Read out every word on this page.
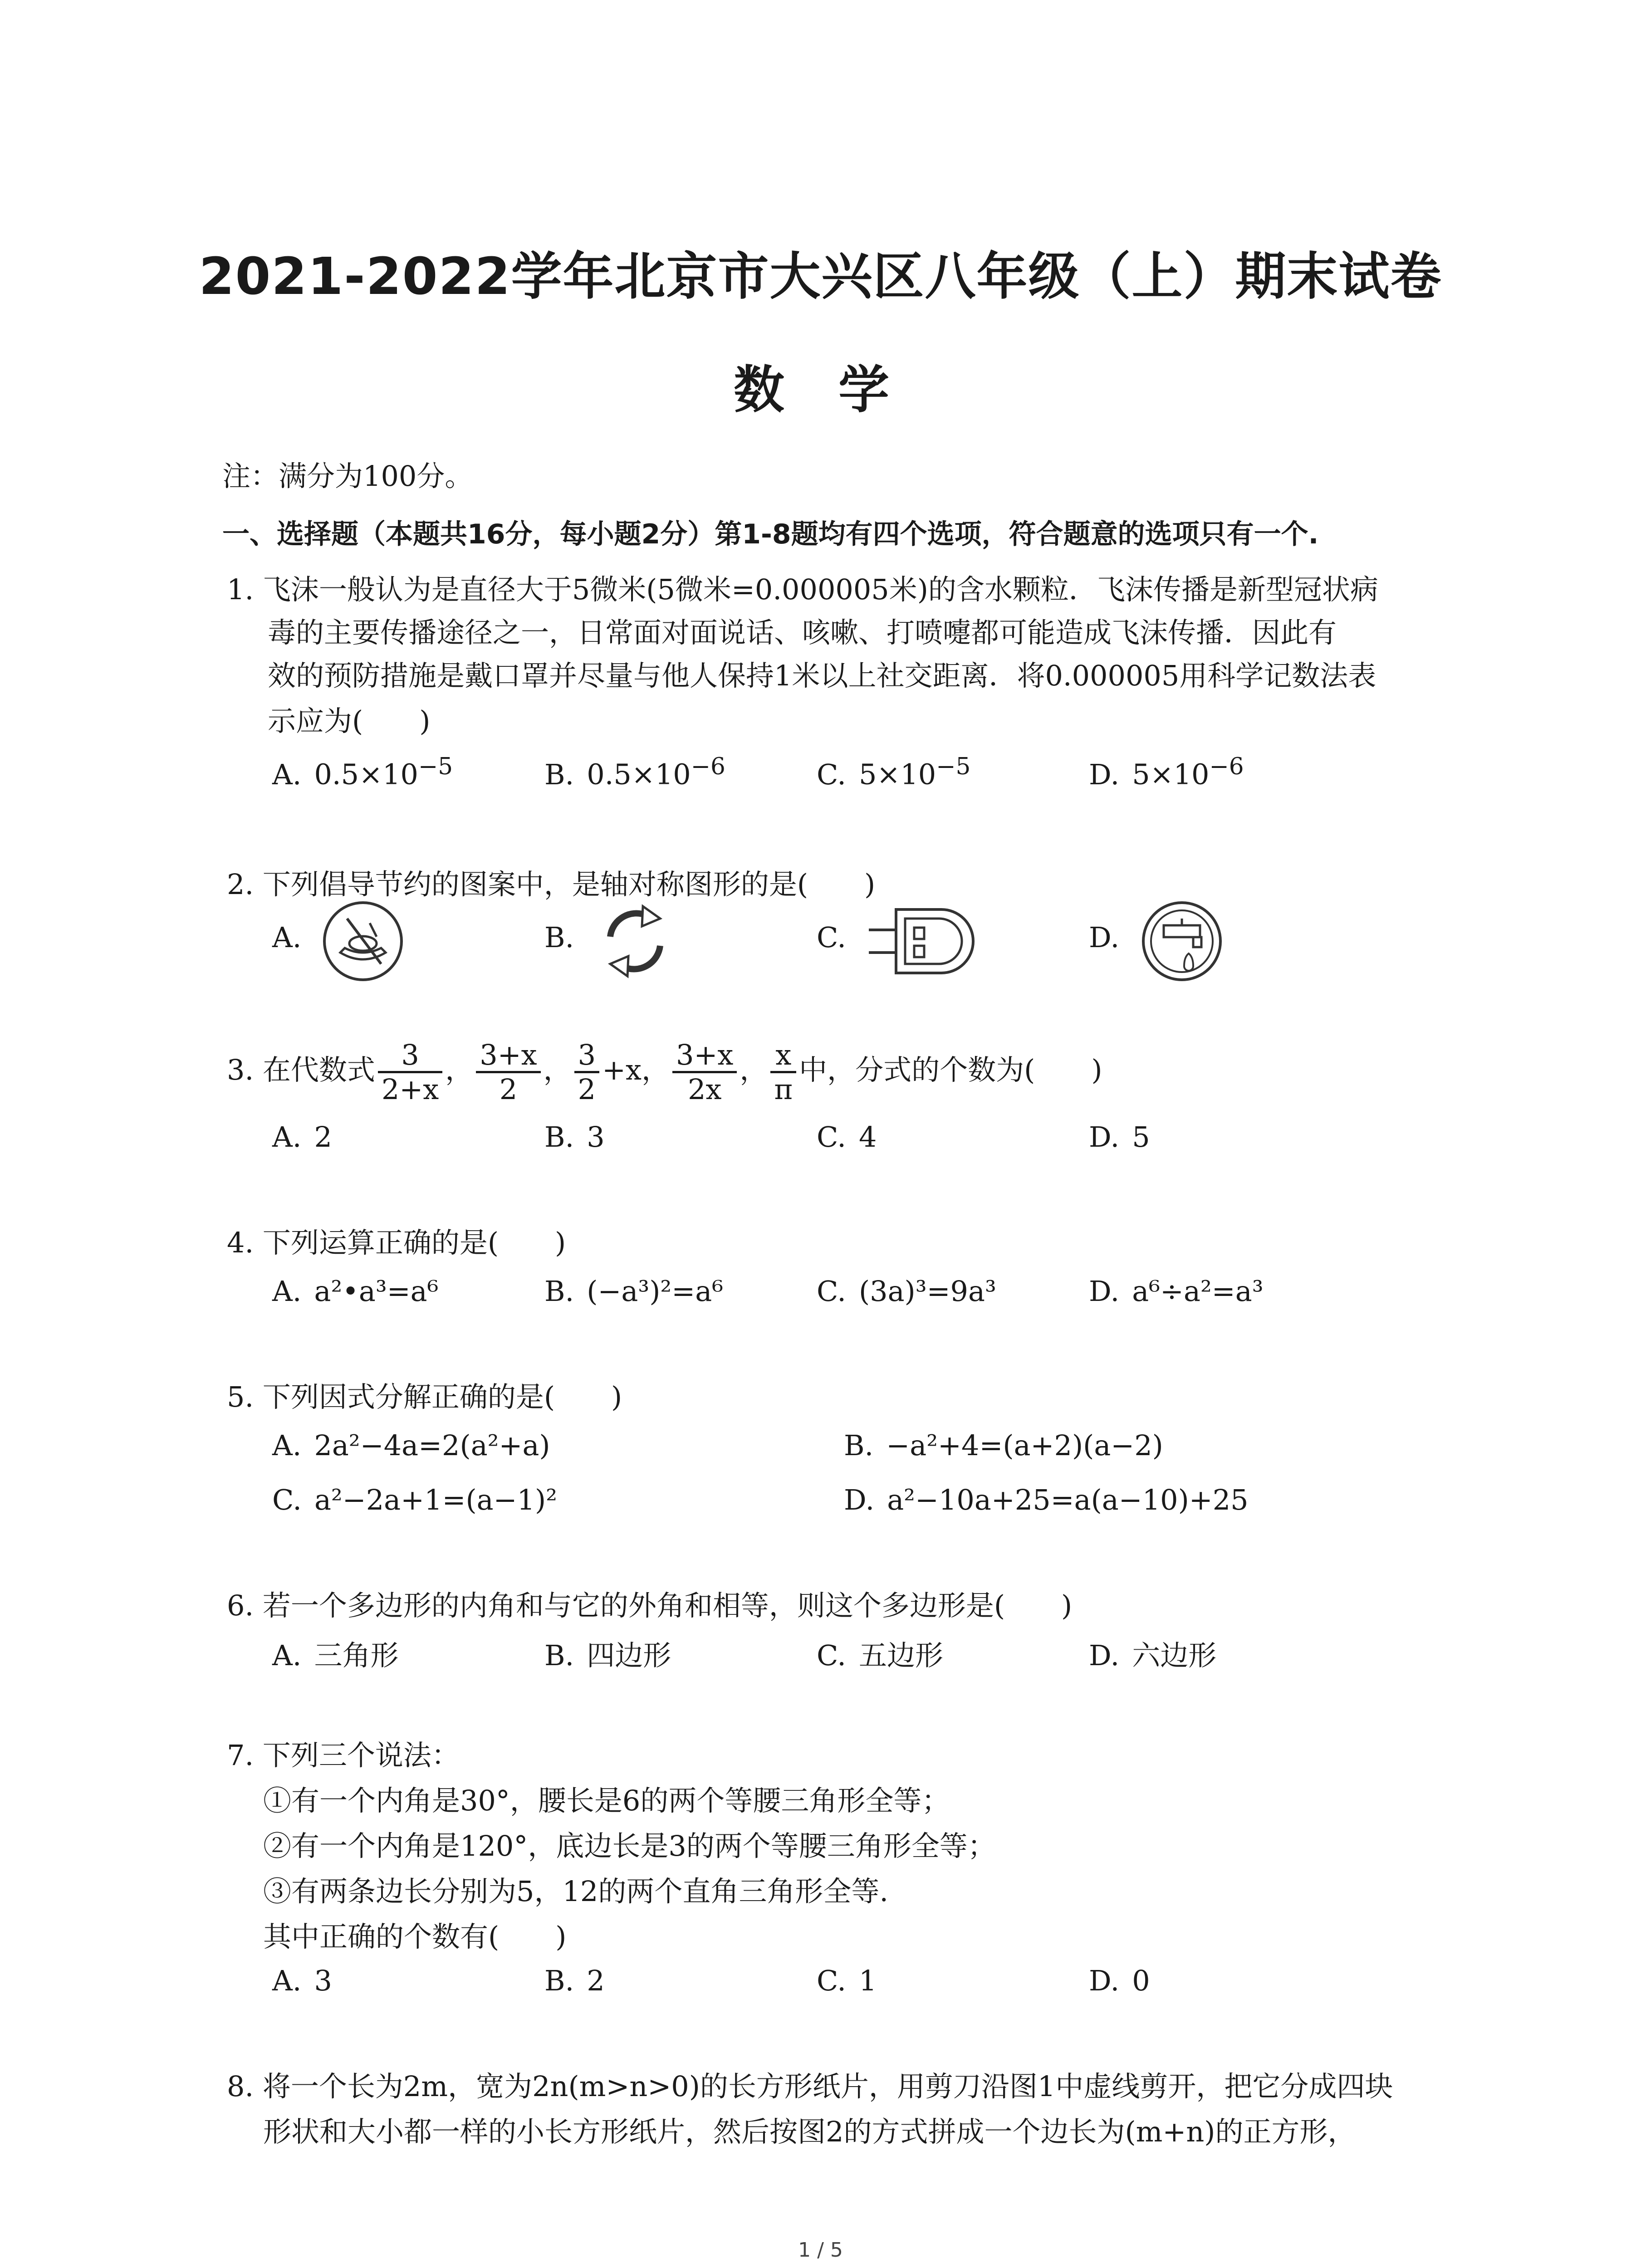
2021-2022学年北京市大兴区八年级（上）期末试卷
数 学
注：满分为100分。
一、选择题（本题共16分，每小题2分）第1-8题均有四个选项，符合题意的选项只有一个.
1. 飞沫一般认为是直径大于5微米(5微米=0.000005米)的含水颗粒．飞沫传播是新型冠状病
毒的主要传播途径之一，日常面对面说话、咳嗽、打喷嚏都可能造成飞沫传播．因此有
效的预防措施是戴口罩并尽量与他人保持1米以上社交距离．将0.000005用科学记数法表
示应为(　　)
A. $0.5\times 10^{-5}$	B. $0.5\times 10^{-6}$	C. $5\times 10^{-5}$	D. $5\times 10^{-6}$
2. 下列倡导节约的图案中，是轴对称图形的是(　　)
A.	B.	C.	D.
3. 在代数式 $\frac{3}{2+x}$ ， $\frac{3+x}{2}$ ， $\frac{3}{2} +x$， $\frac{3+x}{2x}$ ， $\frac{x}{\pi}$ 中，分式的个数为(　　)
A. 2	B. 3	C. 4	D. 5
4. 下列运算正确的是(　　)
A. a²•a³=a⁶	B. (−a³)²=a⁶	C. (3a)³=9a³	D. a⁶÷a²=a³
5. 下列因式分解正确的是(　　)
A. 2a²−4a=2(a²+a)	B. −a²+4=(a+2)(a−2)
C. a²−2a+1=(a−1)²	D. a²−10a+25=a(a−10)+25
6. 若一个多边形的内角和与它的外角和相等，则这个多边形是(　　)
A. 三角形	B. 四边形	C. 五边形	D. 六边形
7. 下列三个说法：
①有一个内角是30°，腰长是6的两个等腰三角形全等；
②有一个内角是120°，底边长是3的两个等腰三角形全等；
③有两条边长分别为5，12的两个直角三角形全等.
其中正确的个数有(　　)
A. 3	B. 2	C. 1	D. 0
8. 将一个长为2m，宽为2n(m>n>0)的长方形纸片，用剪刀沿图1中虚线剪开，把它分成四块
形状和大小都一样的小长方形纸片，然后按图2的方式拼成一个边长为(m+n)的正方形，
1 / 5
